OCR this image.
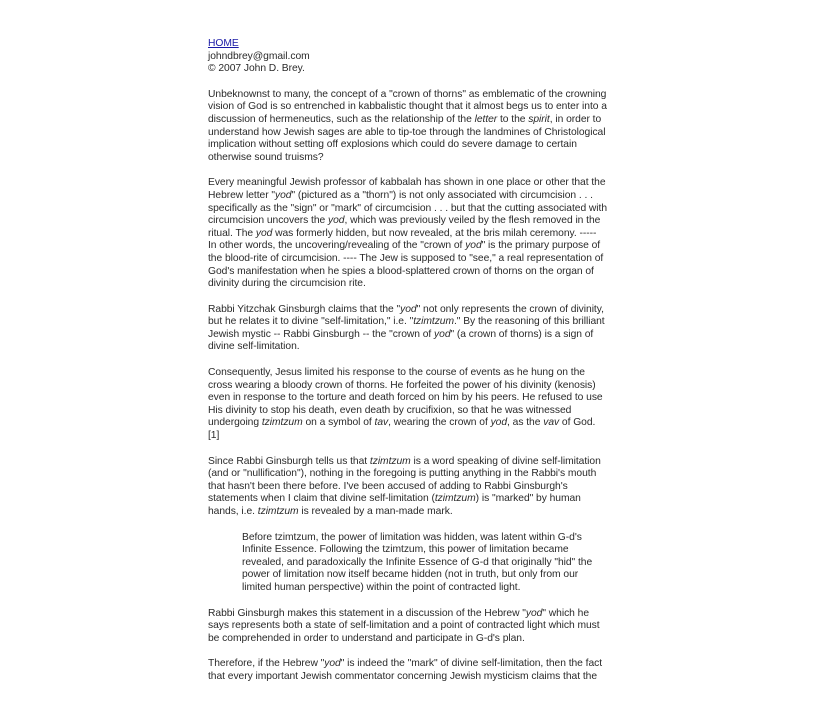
HOME
johndbrey@gmail.com
© 2007 John D. Brey.
Unbeknownst to many, the concept of a "crown of thorns" as emblematic of the crowning
vision of God is so entrenched in kabbalistic thought that it almost begs us to enter into a
discussion of hermeneutics, such as the relationship of the letter to the spirit, in order to
understand how Jewish sages are able to tip-toe through the landmines of Christological
implication without setting off explosions which could do severe damage to certain
otherwise sound truisms?
Every meaningful Jewish professor of kabbalah has shown in one place or other that the
Hebrew letter "yod" (pictured as a "thorn") is not only associated with circumcision . . .
specifically as the "sign" or "mark" of circumcision . . . but that the cutting associated with
circumcision uncovers the yod, which was previously veiled by the flesh removed in the
ritual. The yod was formerly hidden, but now revealed, at the bris milah ceremony. -----
In other words, the uncovering/revealing of the "crown of yod" is the primary purpose of
the blood-rite of circumcision. ---- The Jew is supposed to "see," a real representation of
God's manifestation when he spies a blood-splattered crown of thorns on the organ of
divinity during the circumcision rite.
Rabbi Yitzchak Ginsburgh claims that the "yod" not only represents the crown of divinity,
but he relates it to divine "self-limitation," i.e. "tzimtzum." By the reasoning of this brilliant
Jewish mystic -- Rabbi Ginsburgh -- the "crown of yod" (a crown of thorns) is a sign of
divine self-limitation.
Consequently, Jesus limited his response to the course of events as he hung on the
cross wearing a bloody crown of thorns. He forfeited the power of his divinity (kenosis)
even in response to the torture and death forced on him by his peers. He refused to use
His divinity to stop his death, even death by crucifixion, so that he was witnessed
undergoing tzimtzum on a symbol of tav, wearing the crown of yod, as the vav of God.
[1]
Since Rabbi Ginsburgh tells us that tzimtzum is a word speaking of divine self-limitation
(and or "nullification"), nothing in the foregoing is putting anything in the Rabbi's mouth
that hasn't been there before. I've been accused of adding to Rabbi Ginsburgh's
statements when I claim that divine self-limitation (tzimtzum) is "marked" by human
hands, i.e. tzimtzum is revealed by a man-made mark.
Before tzimtzum, the power of limitation was hidden, was latent within G-d's
Infinite Essence. Following the tzimtzum, this power of limitation became
revealed, and paradoxically the Infinite Essence of G-d that originally "hid" the
power of limitation now itself became hidden (not in truth, but only from our
limited human perspective) within the point of contracted light.
Rabbi Ginsburgh makes this statement in a discussion of the Hebrew "yod" which he
says represents both a state of self-limitation and a point of contracted light which must
be comprehended in order to understand and participate in G-d's plan.
Therefore, if the Hebrew "yod" is indeed the "mark" of divine self-limitation, then the fact
that every important Jewish commentator concerning Jewish mysticism claims that the
